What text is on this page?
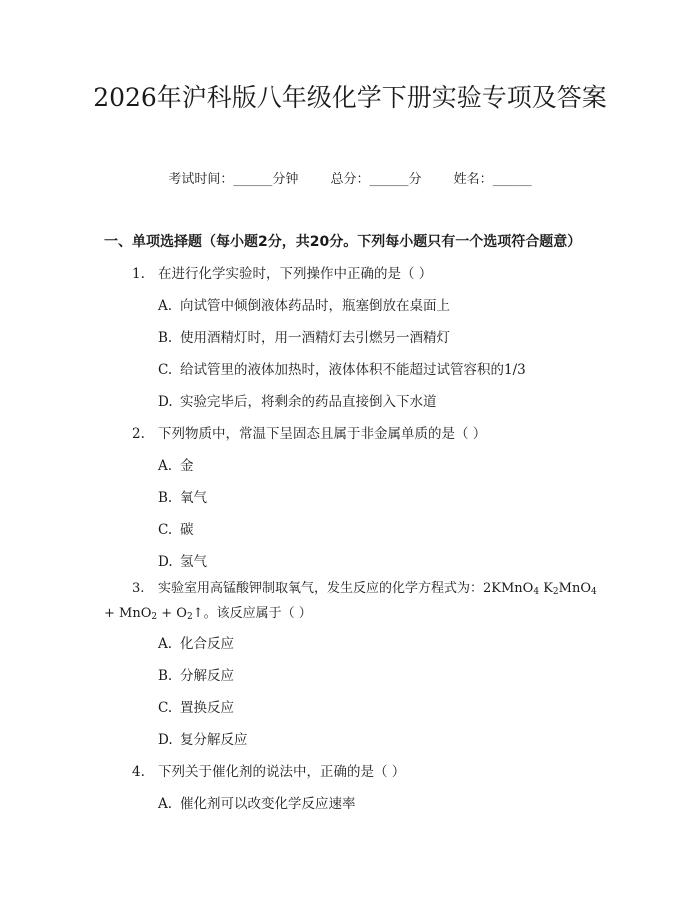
2026年沪科版八年级化学下册实验专项及答案
考试时间：______分钟 总分：______分 姓名：______
一、单项选择题（每小题2分，共20分。下列每小题只有一个选项符合题意）
1. 在进行化学实验时，下列操作中正确的是（ ）
A. 向试管中倾倒液体药品时，瓶塞倒放在桌面上
B. 使用酒精灯时，用一酒精灯去引燃另一酒精灯
C. 给试管里的液体加热时，液体体积不能超过试管容积的1/3
D. 实验完毕后，将剩余的药品直接倒入下水道
2. 下列物质中，常温下呈固态且属于非金属单质的是（ ）
A. 金
B. 氧气
C. 碳
D. 氢气
3. 实验室用高锰酸钾制取氧气，发生反应的化学方程式为：2KMnO$_4$ $K_2MnO_4$
+ $MnO_2 + O_2↑$。该反应属于（ ）
A. 化合反应
B. 分解反应
C. 置换反应
D. 复分解反应
4. 下列关于催化剂的说法中，正确的是（ ）
A. 催化剂可以改变化学反应速率
